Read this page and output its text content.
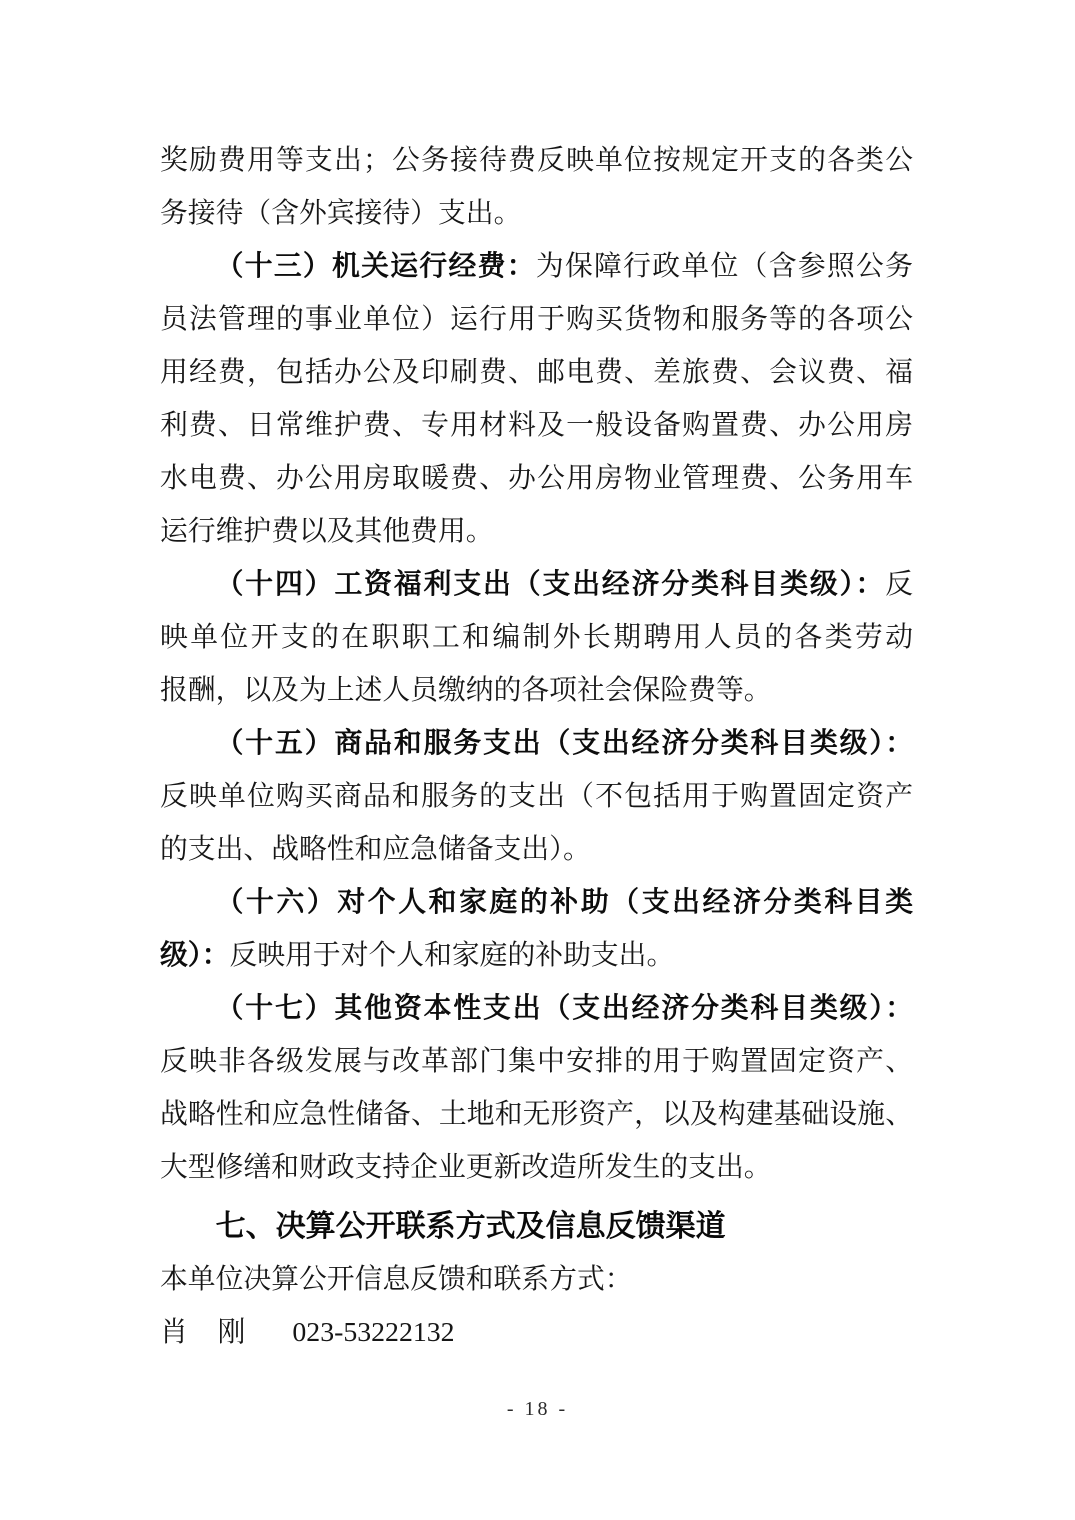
奖励费用等支出；公务接待费反映单位按规定开支的各类公
务接待（含外宾接待）支出。
（十三）机关运行经费：为保障行政单位（含参照公务
员法管理的事业单位）运行用于购买货物和服务等的各项公
用经费，包括办公及印刷费、邮电费、差旅费、会议费、福
利费、日常维护费、专用材料及一般设备购置费、办公用房
水电费、办公用房取暖费、办公用房物业管理费、公务用车
运行维护费以及其他费用。
（十四）工资福利支出（支出经济分类科目类级）：反
映单位开支的在职职工和编制外长期聘用人员的各类劳动
报酬，以及为上述人员缴纳的各项社会保险费等。
（十五）商品和服务支出（支出经济分类科目类级）：
反映单位购买商品和服务的支出（不包括用于购置固定资产
的支出、战略性和应急储备支出）。
（十六）对个人和家庭的补助（支出经济分类科目类
级）：反映用于对个人和家庭的补助支出。
（十七）其他资本性支出（支出经济分类科目类级）：
反映非各级发展与改革部门集中安排的用于购置固定资产、
战略性和应急性储备、土地和无形资产，以及构建基础设施、
大型修缮和财政支持企业更新改造所发生的支出。
七、决算公开联系方式及信息反馈渠道
本单位决算公开信息反馈和联系方式：
肖　刚 023-53222132
- 18 -
